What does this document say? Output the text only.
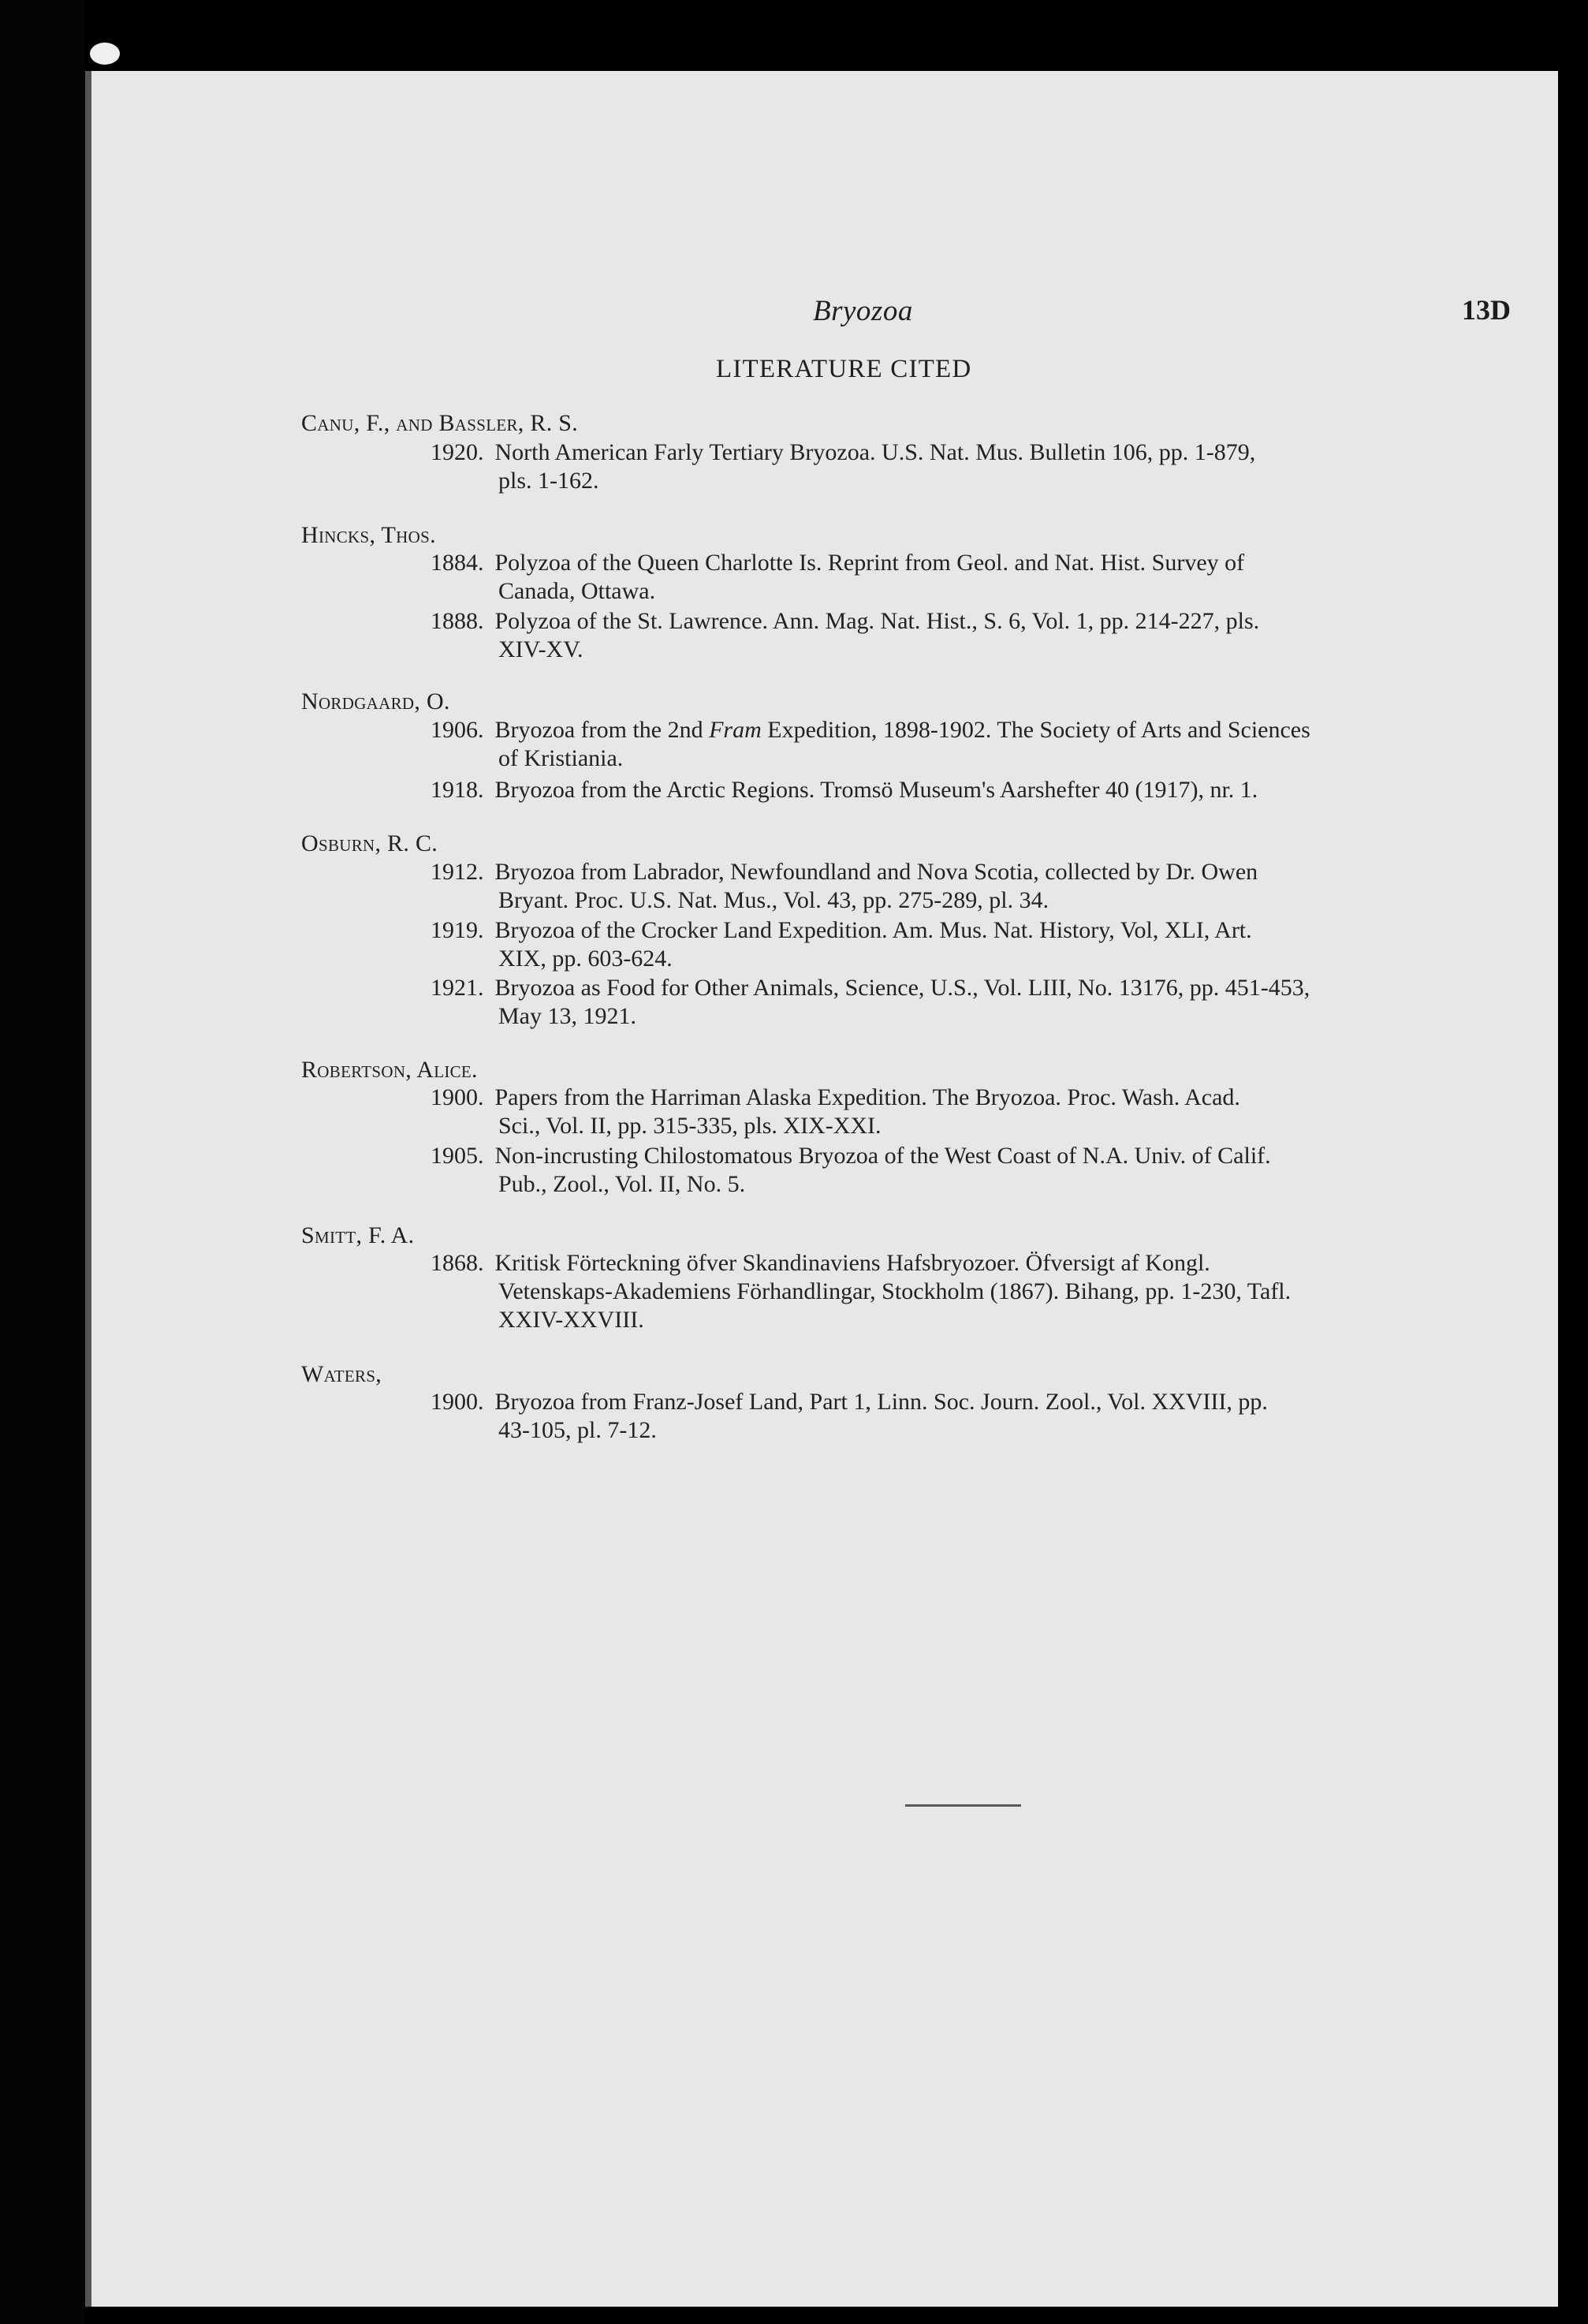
Bryozoa	13D
LITERATURE CITED
Canu, F., and Bassler, R. S.
1920. North American Farly Tertiary Bryozoa. U.S. Nat. Mus. Bulletin 106, pp. 1-879,
pls. 1-162.
Hincks, Thos.
1884. Polyzoa of the Queen Charlotte Is. Reprint from Geol. and Nat. Hist. Survey of
Canada, Ottawa.
1888. Polyzoa of the St. Lawrence. Ann. Mag. Nat. Hist., S. 6, Vol. 1, pp. 214-227, pls.
XIV-XV.
Nordgaard, O.
1906. Bryozoa from the 2nd Fram Expedition, 1898-1902. The Society of Arts and Sciences
of Kristiania.
1918. Bryozoa from the Arctic Regions. Tromsö Museum's Aarshefter 40 (1917), nr. 1.
Osburn, R. C.
1912. Bryozoa from Labrador, Newfoundland and Nova Scotia, collected by Dr. Owen
Bryant. Proc. U.S. Nat. Mus., Vol. 43, pp. 275-289, pl. 34.
1919. Bryozoa of the Crocker Land Expedition. Am. Mus. Nat. History, Vol, XLI, Art.
XIX, pp. 603-624.
1921. Bryozoa as Food for Other Animals, Science, U.S., Vol. LIII, No. 13176, pp. 451-453,
May 13, 1921.
Robertson, Alice.
1900. Papers from the Harriman Alaska Expedition. The Bryozoa. Proc. Wash. Acad.
Sci., Vol. II, pp. 315-335, pls. XIX-XXI.
1905. Non-incrusting Chilostomatous Bryozoa of the West Coast of N.A. Univ. of Calif.
Pub., Zool., Vol. II, No. 5.
Smitt, F. A.
1868. Kritisk Förteckning öfver Skandinaviens Hafsbryozoer. Öfversigt af Kongl.
Vetenskaps-Akademiens Förhandlingar, Stockholm (1867). Bihang, pp. 1-230, Tafl.
XXIV-XXVIII.
Waters,
1900. Bryozoa from Franz-Josef Land, Part 1, Linn. Soc. Journ. Zool., Vol. XXVIII, pp.
43-105, pl. 7-12.
